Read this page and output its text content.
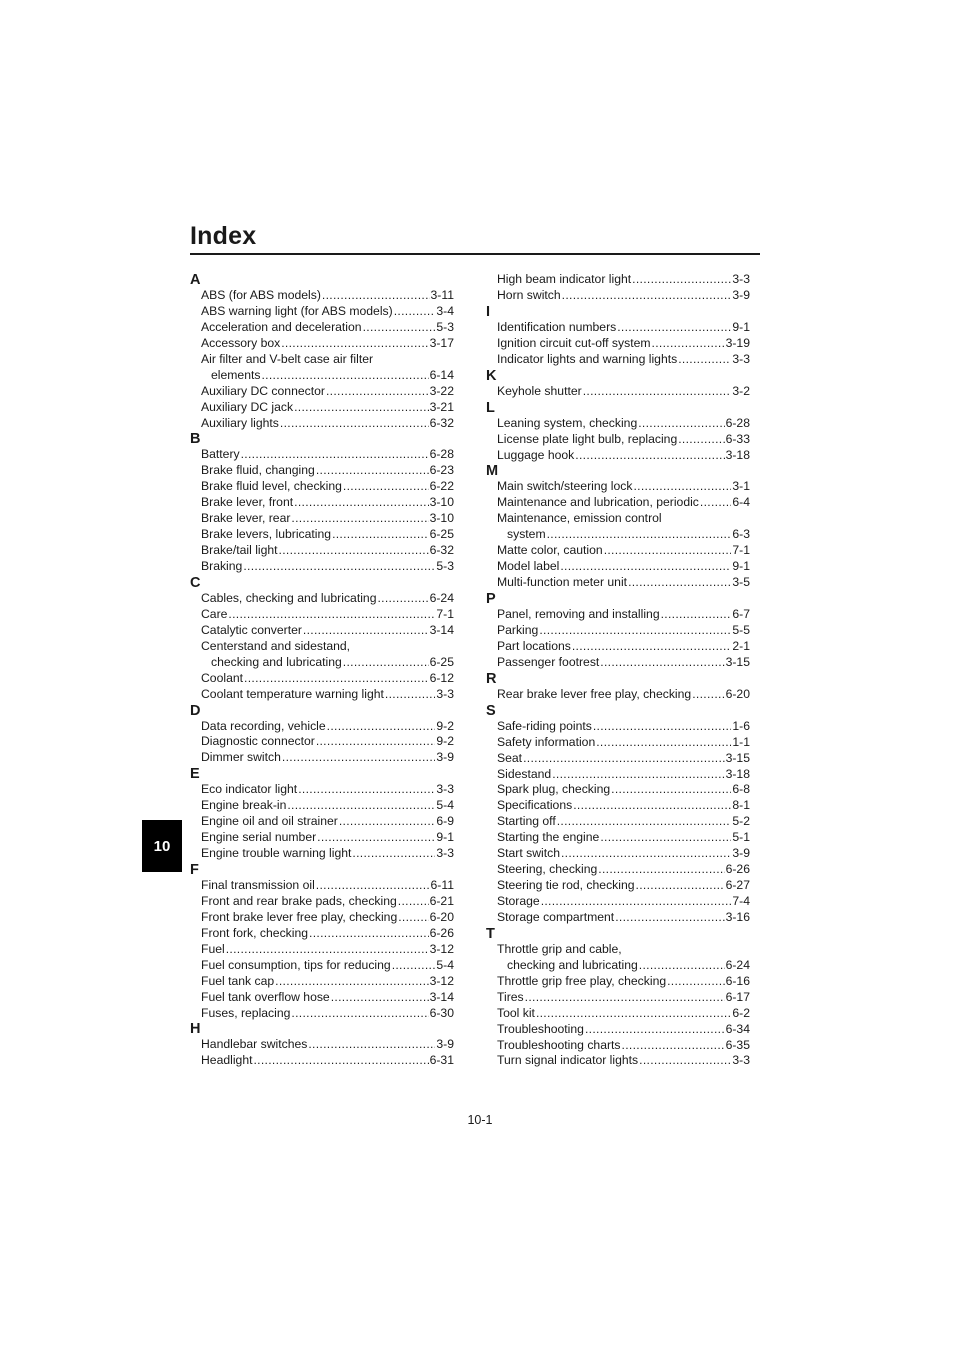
Index
10
A
ABS (for ABS models) .....	3-11
ABS warning light (for ABS models) .....	3-4
Acceleration and deceleration .....	5-3
Accessory box .....	3-17
Air filter and V-belt case air filter
elements .....	6-14
Auxiliary DC connector .....	3-22
Auxiliary DC jack .....	3-21
Auxiliary lights .....	6-32
B
Battery .....	6-28
Brake fluid, changing .....	6-23
Brake fluid level, checking .....	6-22
Brake lever, front .....	3-10
Brake lever, rear .....	3-10
Brake levers, lubricating .....	6-25
Brake/tail light .....	6-32
Braking .....	5-3
C
Cables, checking and lubricating .....	6-24
Care .....	7-1
Catalytic converter .....	3-14
Centerstand and sidestand,
checking and lubricating .....	6-25
Coolant .....	6-12
Coolant temperature warning light .....	3-3
D
Data recording, vehicle .....	9-2
Diagnostic connector .....	9-2
Dimmer switch .....	3-9
E
Eco indicator light .....	3-3
Engine break-in .....	5-4
Engine oil and oil strainer .....	6-9
Engine serial number .....	9-1
Engine trouble warning light .....	3-3
F
Final transmission oil .....	6-11
Front and rear brake pads, checking .....	6-21
Front brake lever free play, checking .....	6-20
Front fork, checking .....	6-26
Fuel .....	3-12
Fuel consumption, tips for reducing .....	5-4
Fuel tank cap .....	3-12
Fuel tank overflow hose .....	3-14
Fuses, replacing .....	6-30
H
Handlebar switches .....	3-9
Headlight .....	6-31
High beam indicator light .....	3-3
Horn switch .....	3-9
I
Identification numbers .....	9-1
Ignition circuit cut-off system .....	3-19
Indicator lights and warning lights .....	3-3
K
Keyhole shutter .....	3-2
L
Leaning system, checking .....	6-28
License plate light bulb, replacing .....	6-33
Luggage hook .....	3-18
M
Main switch/steering lock .....	3-1
Maintenance and lubrication, periodic .....	6-4
Maintenance, emission control
system .....	6-3
Matte color, caution .....	7-1
Model label .....	9-1
Multi-function meter unit .....	3-5
P
Panel, removing and installing .....	6-7
Parking .....	5-5
Part locations .....	2-1
Passenger footrest .....	3-15
R
Rear brake lever free play, checking .....	6-20
S
Safe-riding points .....	1-6
Safety information .....	1-1
Seat .....	3-15
Sidestand .....	3-18
Spark plug, checking .....	6-8
Specifications .....	8-1
Starting off .....	5-2
Starting the engine .....	5-1
Start switch .....	3-9
Steering, checking .....	6-26
Steering tie rod, checking .....	6-27
Storage .....	7-4
Storage compartment .....	3-16
T
Throttle grip and cable,
checking and lubricating .....	6-24
Throttle grip free play, checking .....	6-16
Tires .....	6-17
Tool kit .....	6-2
Troubleshooting .....	6-34
Troubleshooting charts .....	6-35
Turn signal indicator lights .....	3-3
10-1
